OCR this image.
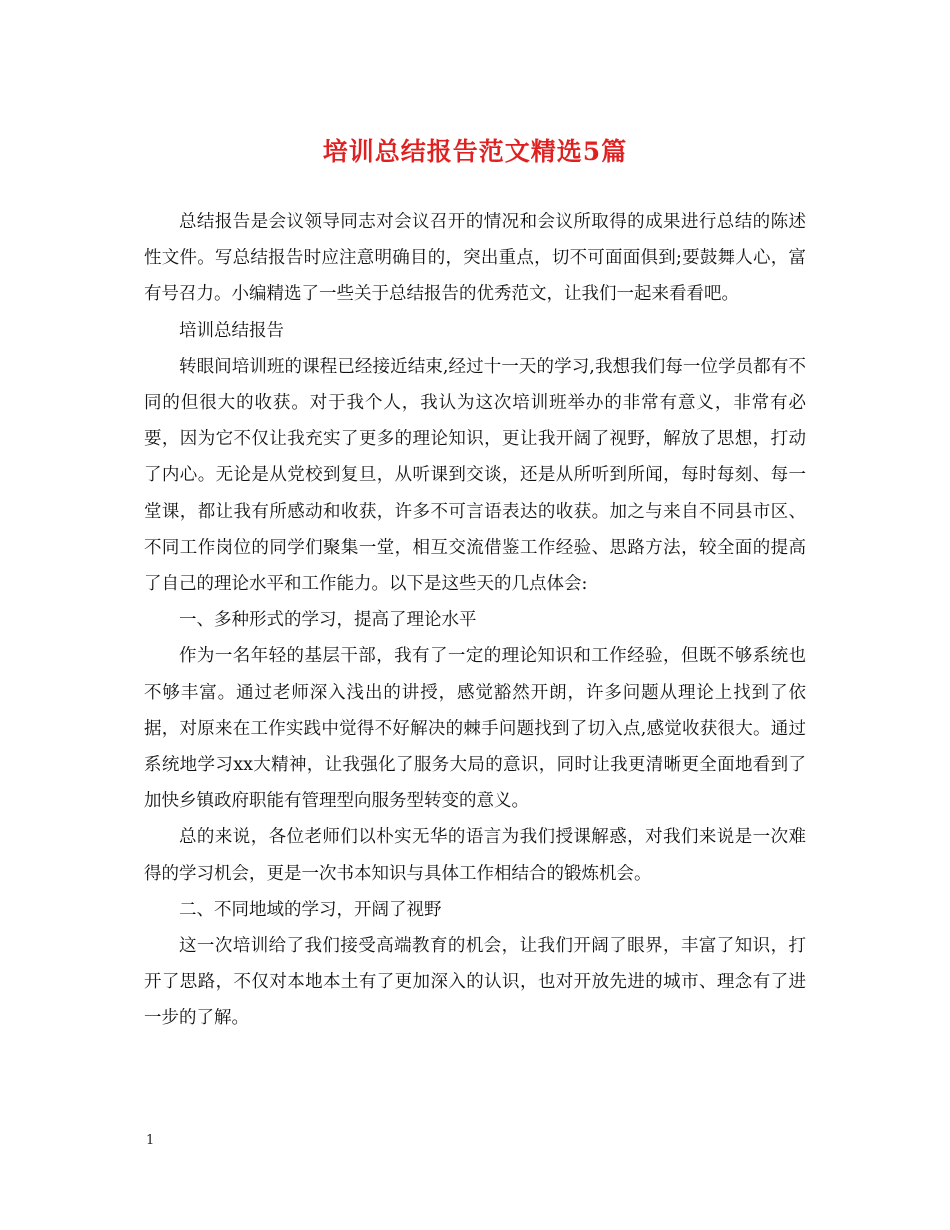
培训总结报告范文精选5篇

总结报告是会议领导同志对会议召开的情况和会议所取得的成果进行总结的陈述性文件。写总结报告时应注意明确目的，突出重点，切不可面面俱到;要鼓舞人心，富有号召力。小编精选了一些关于总结报告的优秀范文，让我们一起来看看吧。

培训总结报告

转眼间培训班的课程已经接近结束,经过十一天的学习,我想我们每一位学员都有不同的但很大的收获。对于我个人，我认为这次培训班举办的非常有意义，非常有必要，因为它不仅让我充实了更多的理论知识，更让我开阔了视野，解放了思想，打动了内心。无论是从党校到复旦，从听课到交谈，还是从所听到所闻，每时每刻、每一堂课，都让我有所感动和收获，许多不可言语表达的收获。加之与来自不同县市区、不同工作岗位的同学们聚集一堂，相互交流借鉴工作经验、思路方法，较全面的提高了自己的理论水平和工作能力。以下是这些天的几点体会:

一、多种形式的学习，提高了理论水平

作为一名年轻的基层干部，我有了一定的理论知识和工作经验，但既不够系统也不够丰富。通过老师深入浅出的讲授，感觉豁然开朗，许多问题从理论上找到了依据，对原来在工作实践中觉得不好解决的棘手问题找到了切入点,感觉收获很大。通过系统地学习xx大精神，让我强化了服务大局的意识，同时让我更清晰更全面地看到了加快乡镇政府职能有管理型向服务型转变的意义。

总的来说，各位老师们以朴实无华的语言为我们授课解惑，对我们来说是一次难得的学习机会，更是一次书本知识与具体工作相结合的锻炼机会。

二、不同地域的学习，开阔了视野

这一次培训给了我们接受高端教育的机会，让我们开阔了眼界，丰富了知识，打开了思路，不仅对本地本土有了更加深入的认识，也对开放先进的城市、理念有了进一步的了解。

1
